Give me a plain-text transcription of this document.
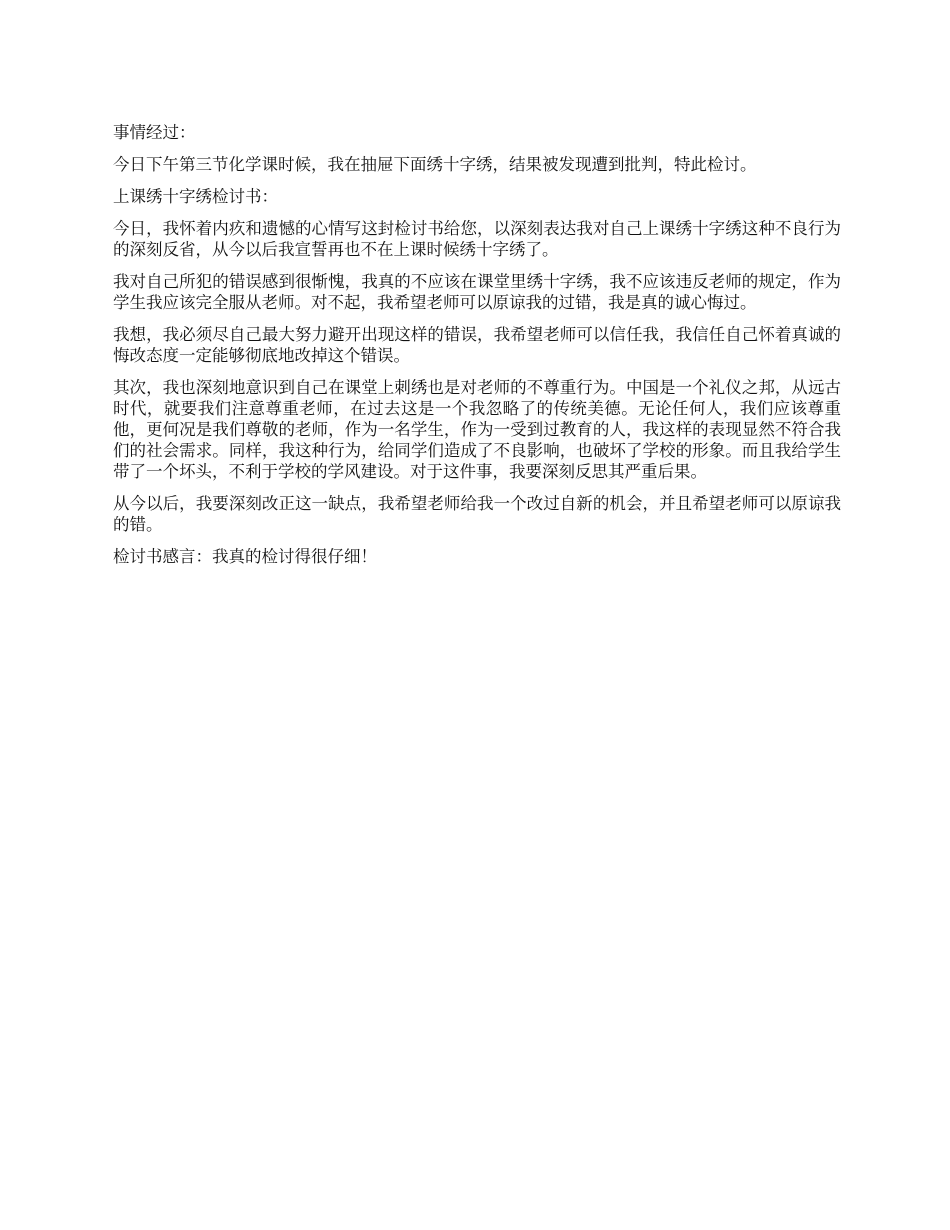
事情经过：

今日下午第三节化学课时候，我在抽屉下面绣十字绣，结果被发现遭到批判，特此检讨。

上课绣十字绣检讨书：

今日，我怀着内疚和遗憾的心情写这封检讨书给您，以深刻表达我对自己上课绣十字绣这种不良行为的深刻反省，从今以后我宣誓再也不在上课时候绣十字绣了。

我对自己所犯的错误感到很惭愧，我真的不应该在课堂里绣十字绣，我不应该违反老师的规定，作为学生我应该完全服从老师。对不起，我希望老师可以原谅我的过错，我是真的诚心悔过。

我想，我必须尽自己最大努力避开出现这样的错误，我希望老师可以信任我，我信任自己怀着真诚的悔改态度一定能够彻底地改掉这个错误。

其次，我也深刻地意识到自己在课堂上刺绣也是对老师的不尊重行为。中国是一个礼仪之邦，从远古时代，就要我们注意尊重老师，在过去这是一个我忽略了的传统美德。无论任何人，我们应该尊重他，更何况是我们尊敬的老师，作为一名学生，作为一受到过教育的人，我这样的表现显然不符合我们的社会需求。同样，我这种行为，给同学们造成了不良影响，也破坏了学校的形象。而且我给学生带了一个坏头，不利于学校的学风建设。对于这件事，我要深刻反思其严重后果。

从今以后，我要深刻改正这一缺点，我希望老师给我一个改过自新的机会，并且希望老师可以原谅我的错。

检讨书感言：我真的检讨得很仔细！
